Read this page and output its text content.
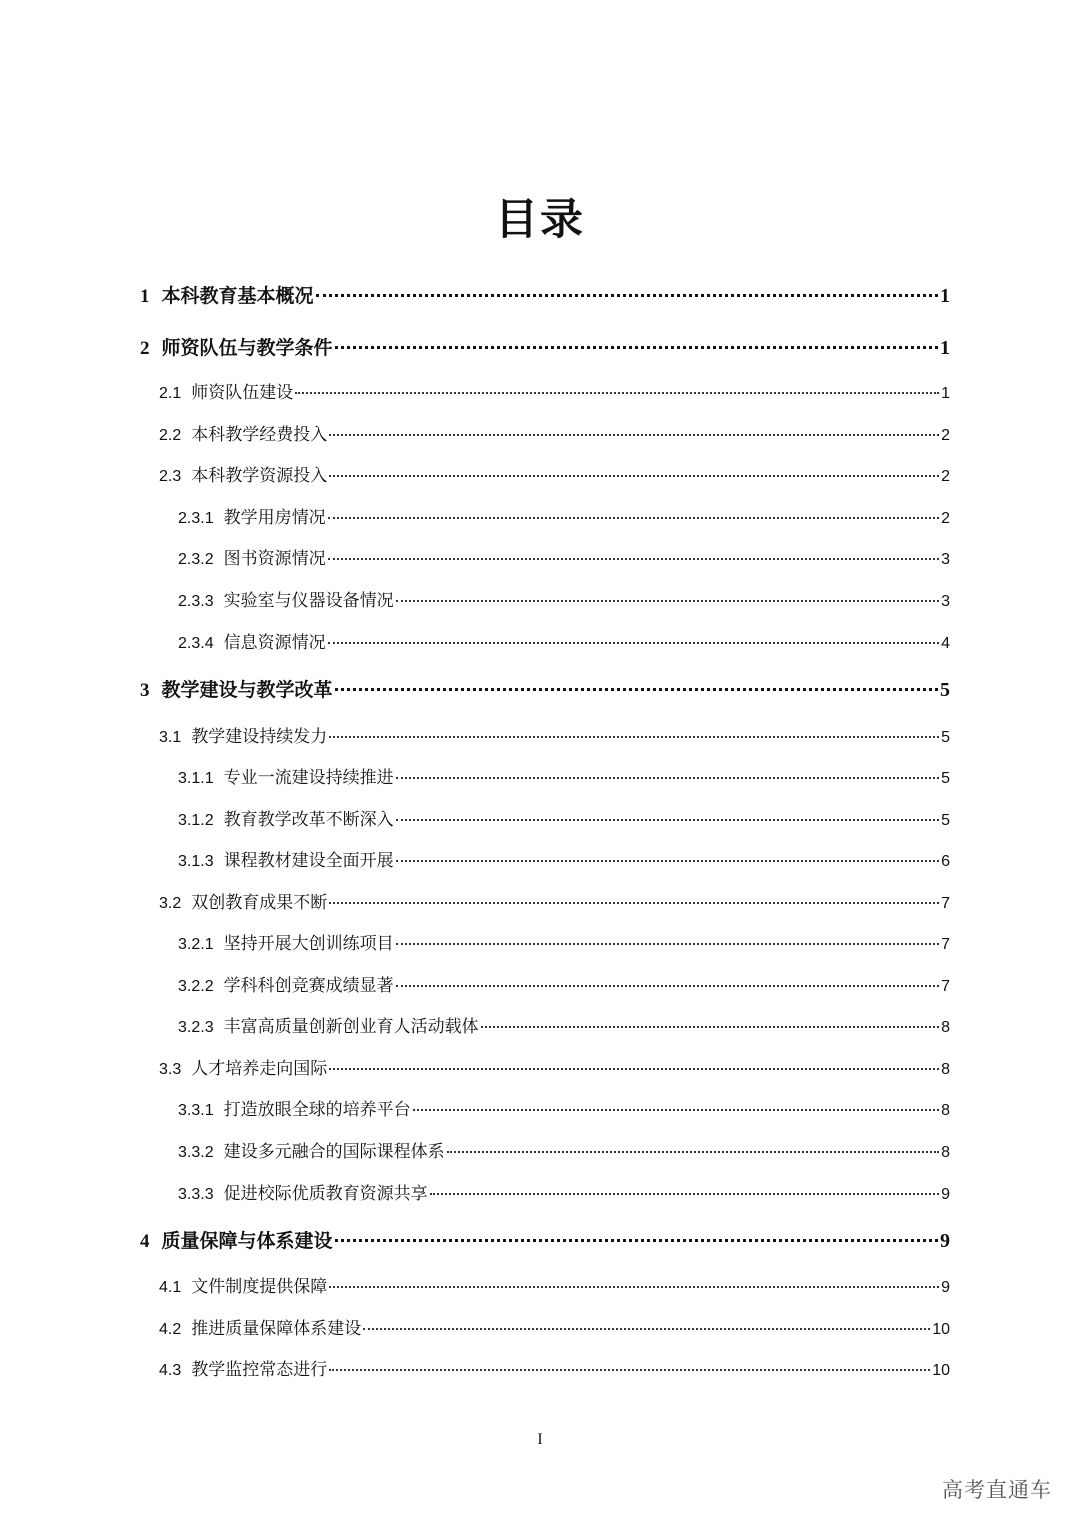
目录
1 本科教育基本概况	1
2 师资队伍与教学条件	1
2.1 师资队伍建设	1
2.2 本科教学经费投入	2
2.3 本科教学资源投入	2
2.3.1 教学用房情况	2
2.3.2 图书资源情况	3
2.3.3 实验室与仪器设备情况	3
2.3.4 信息资源情况	4
3 教学建设与教学改革	5
3.1 教学建设持续发力	5
3.1.1 专业一流建设持续推进	5
3.1.2 教育教学改革不断深入	5
3.1.3 课程教材建设全面开展	6
3.2 双创教育成果不断	7
3.2.1 坚持开展大创训练项目	7
3.2.2 学科科创竞赛成绩显著	7
3.2.3 丰富高质量创新创业育人活动载体	8
3.3 人才培养走向国际	8
3.3.1 打造放眼全球的培养平台	8
3.3.2 建设多元融合的国际课程体系	8
3.3.3 促进校际优质教育资源共享	9
4 质量保障与体系建设	9
4.1 文件制度提供保障	9
4.2 推进质量保障体系建设	10
4.3 教学监控常态进行	10
I
高考直通车
